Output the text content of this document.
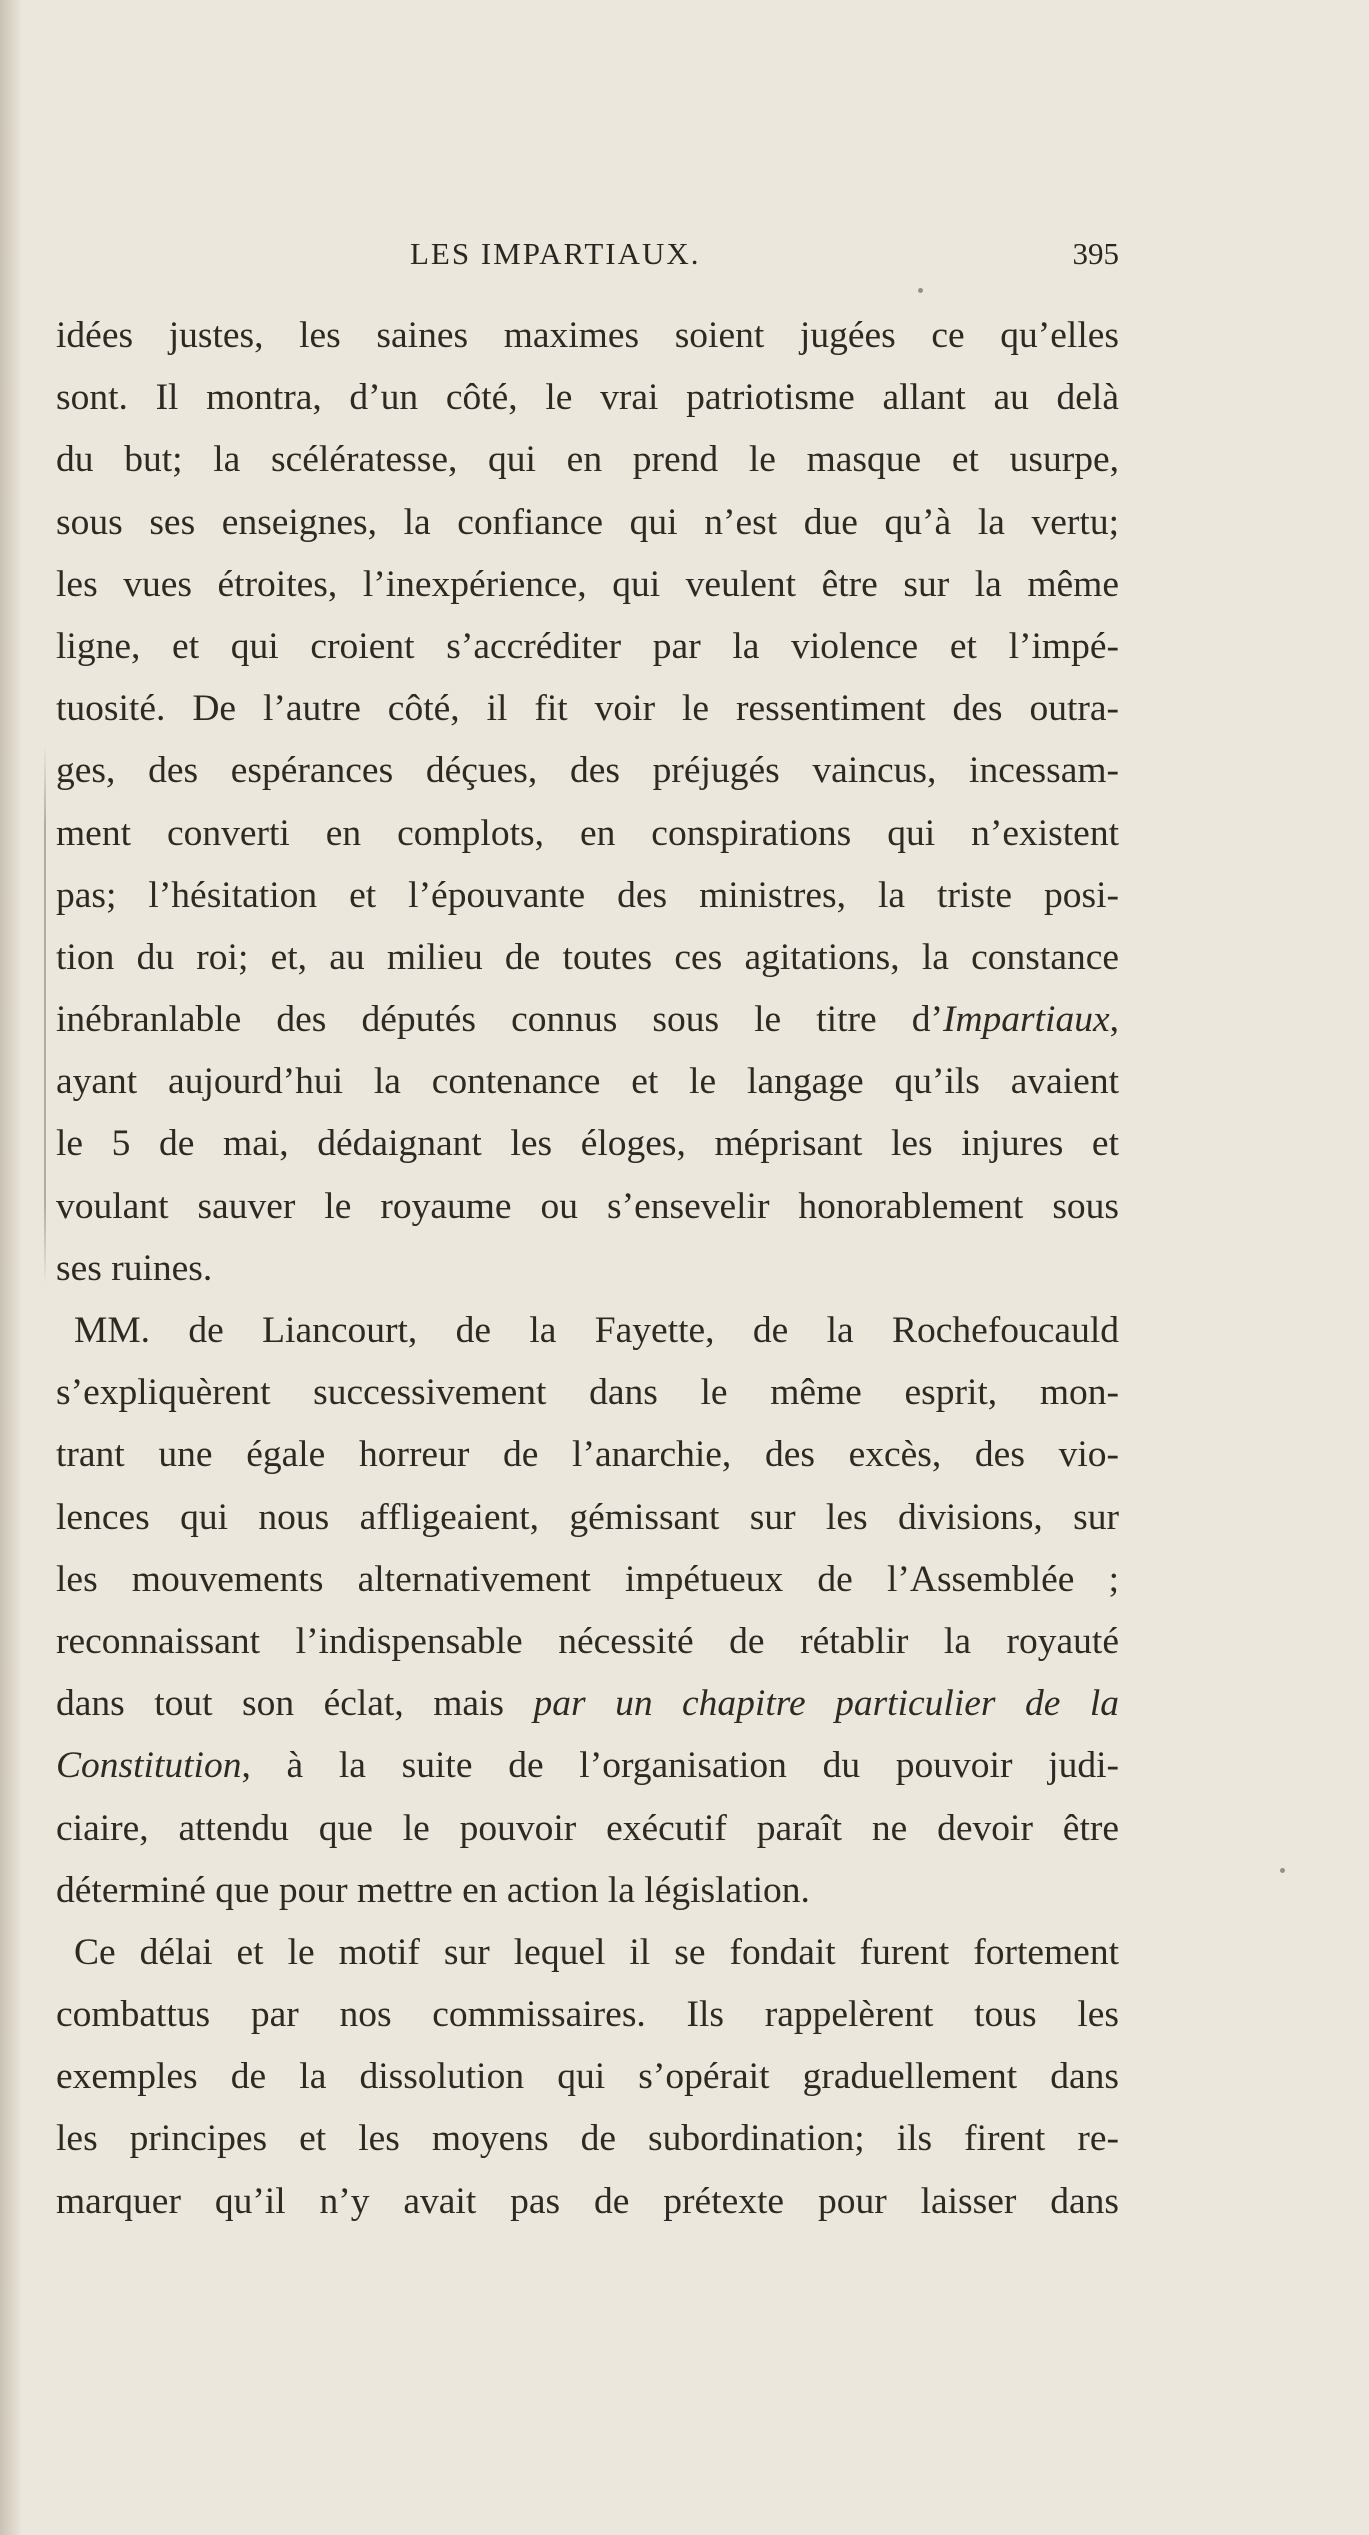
LES IMPARTIAUX.	395
idées justes, les saines maximes soient jugées ce qu’elles
sont. Il montra, d’un côté, le vrai patriotisme allant au delà
du but; la scélératesse, qui en prend le masque et usurpe,
sous ses enseignes, la confiance qui n’est due qu’à la vertu;
les vues étroites, l’inexpérience, qui veulent être sur la même
ligne, et qui croient s’accréditer par la violence et l’impé-
tuosité. De l’autre côté, il fit voir le ressentiment des outra-
ges, des espérances déçues, des préjugés vaincus, incessam-
ment converti en complots, en conspirations qui n’existent
pas; l’hésitation et l’épouvante des ministres, la triste posi-
tion du roi; et, au milieu de toutes ces agitations, la constance
inébranlable des députés connus sous le titre d’Impartiaux,
ayant aujourd’hui la contenance et le langage qu’ils avaient
le 5 de mai, dédaignant les éloges, méprisant les injures et
voulant sauver le royaume ou s’ensevelir honorablement sous
ses ruines.
MM. de Liancourt, de la Fayette, de la Rochefoucauld
s’expliquèrent successivement dans le même esprit, mon-
trant une égale horreur de l’anarchie, des excès, des vio-
lences qui nous affligeaient, gémissant sur les divisions, sur
les mouvements alternativement impétueux de l’Assemblée ;
reconnaissant l’indispensable nécessité de rétablir la royauté
dans tout son éclat, mais par un chapitre particulier de la
Constitution, à la suite de l’organisation du pouvoir judi-
ciaire, attendu que le pouvoir exécutif paraît ne devoir être
déterminé que pour mettre en action la législation.
Ce délai et le motif sur lequel il se fondait furent fortement
combattus par nos commissaires. Ils rappelèrent tous les
exemples de la dissolution qui s’opérait graduellement dans
les principes et les moyens de subordination; ils firent re-
marquer qu’il n’y avait pas de prétexte pour laisser dans
